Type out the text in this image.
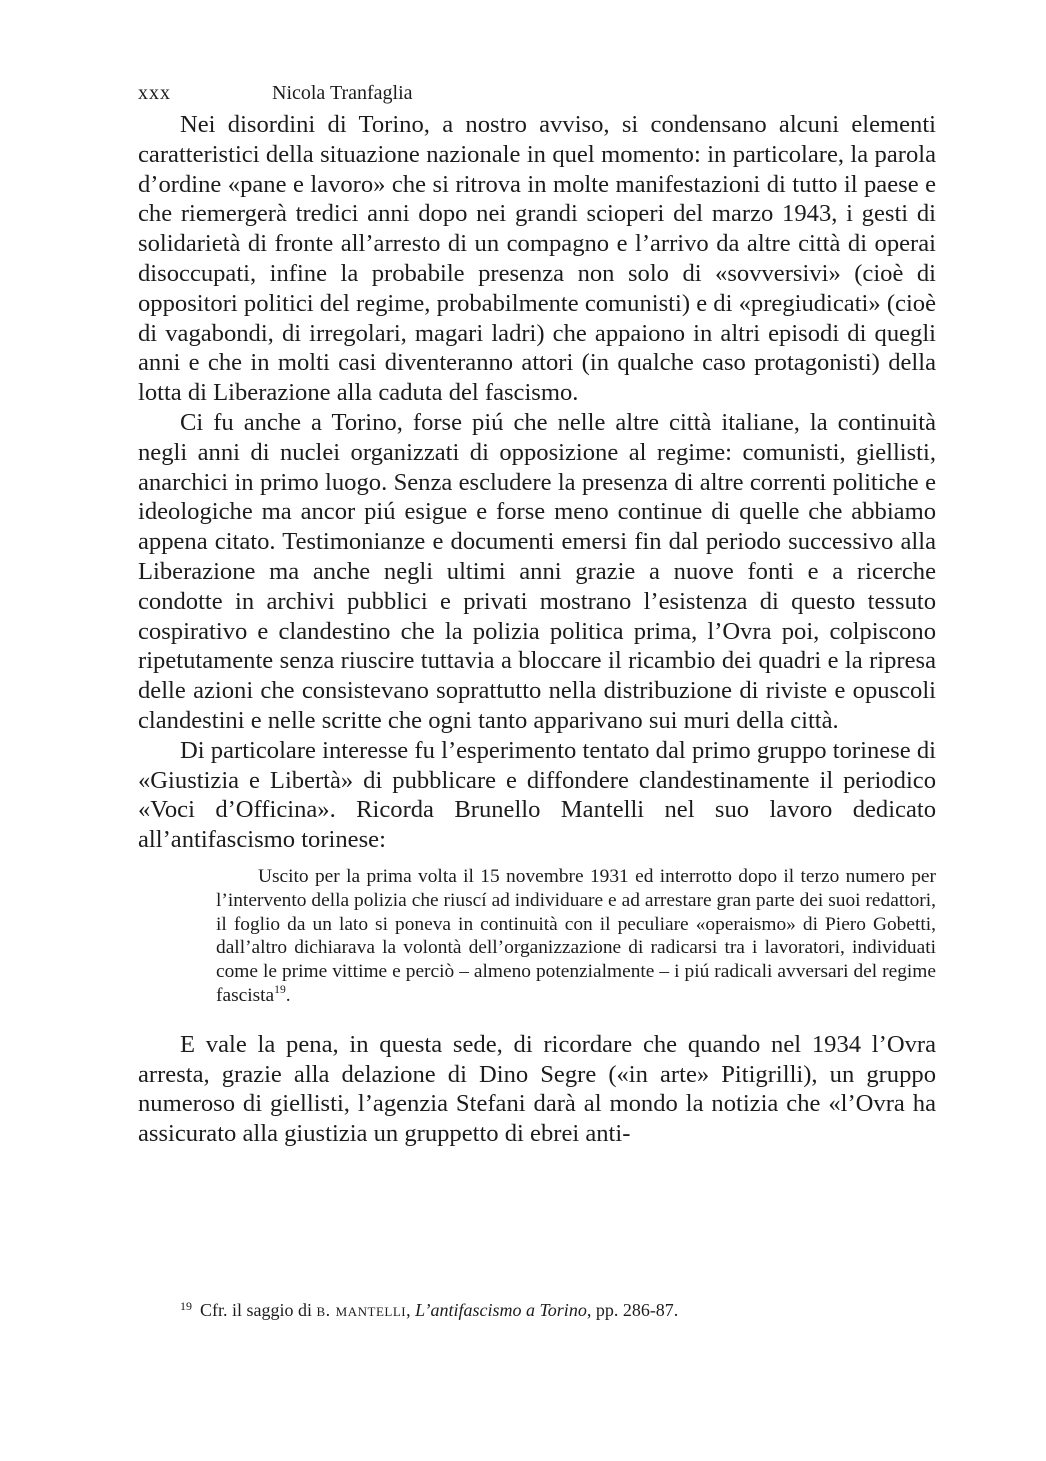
xxx	Nicola Tranfaglia

Nei disordini di Torino, a nostro avviso, si condensano alcuni elementi caratteristici della situazione nazionale in quel momento: in particolare, la parola d’ordine «pane e lavoro» che si ritrova in molte manifestazioni di tutto il paese e che riemergerà tredici anni dopo nei grandi scioperi del marzo 1943, i gesti di solidarietà di fronte all’arresto di un compagno e l’arrivo da altre città di operai disoccupati, infine la probabile presenza non solo di «sovversivi» (cioè di oppositori politici del regime, probabilmente comunisti) e di «pregiudicati» (cioè di vagabondi, di irregolari, magari ladri) che appaiono in altri episodi di quegli anni e che in molti casi diventeranno attori (in qualche caso protagonisti) della lotta di Liberazione alla caduta del fascismo.

Ci fu anche a Torino, forse piú che nelle altre città italiane, la continuità negli anni di nuclei organizzati di opposizione al regime: comunisti, giellisti, anarchici in primo luogo. Senza escludere la presenza di altre correnti politiche e ideologiche ma ancor piú esigue e forse meno continue di quelle che abbiamo appena citato. Testimonianze e documenti emersi fin dal periodo successivo alla Liberazione ma anche negli ultimi anni grazie a nuove fonti e a ricerche condotte in archivi pubblici e privati mostrano l’esistenza di questo tessuto cospirativo e clandestino che la polizia politica prima, l’Ovra poi, colpiscono ripetutamente senza riuscire tuttavia a bloccare il ricambio dei quadri e la ripresa delle azioni che consistevano soprattutto nella distribuzione di riviste e opuscoli clandestini e nelle scritte che ogni tanto apparivano sui muri della città.

Di particolare interesse fu l’esperimento tentato dal primo gruppo torinese di «Giustizia e Libertà» di pubblicare e diffondere clandestinamente il periodico «Voci d’Officina». Ricorda Brunello Mantelli nel suo lavoro dedicato all’antifascismo torinese:

Uscito per la prima volta il 15 novembre 1931 ed interrotto dopo il terzo numero per l’intervento della polizia che riuscí ad individuare e ad arrestare gran parte dei suoi redattori, il foglio da un lato si poneva in continuità con il peculiare «operaismo» di Piero Gobetti, dall’altro dichiarava la volontà dell’organizzazione di radicarsi tra i lavoratori, individuati come le prime vittime e perciò – almeno potenzialmente – i piú radicali avversari del regime fascista$^{19}$.

E vale la pena, in questa sede, di ricordare che quando nel 1934 l’Ovra arresta, grazie alla delazione di Dino Segre («in arte» Pitigrilli), un gruppo numeroso di giellisti, l’agenzia Stefani darà al mondo la notizia che «l’Ovra ha assicurato alla giustizia un gruppetto di ebrei anti-

$^{19}$ Cfr. il saggio di b. mantelli, L’antifascismo a Torino, pp. 286-87.
